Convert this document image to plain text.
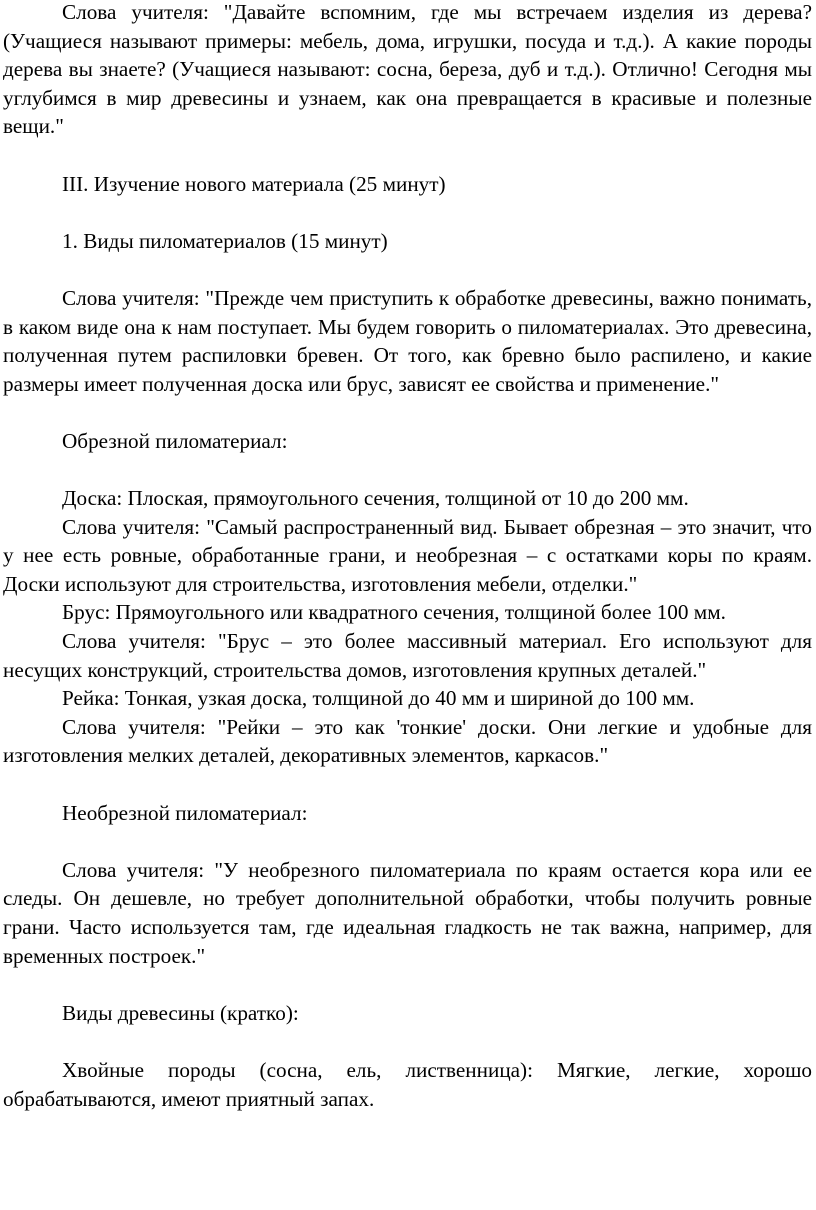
Слова учителя: "Давайте вспомним, где мы встречаем изделия из дерева? (Учащиеся называют примеры: мебель, дома, игрушки, посуда и т.д.). А какие породы дерева вы знаете? (Учащиеся называют: сосна, береза, дуб и т.д.). Отлично! Сегодня мы углубимся в мир древесины и узнаем, как она превращается в красивые и полезные вещи."

III. Изучение нового материала (25 минут)

1. Виды пиломатериалов (15 минут)

Слова учителя: "Прежде чем приступить к обработке древесины, важно понимать, в каком виде она к нам поступает. Мы будем говорить о пиломатериалах. Это древесина, полученная путем распиловки бревен. От того, как бревно было распилено, и какие размеры имеет полученная доска или брус, зависят ее свойства и применение."

Обрезной пиломатериал:

Доска: Плоская, прямоугольного сечения, толщиной от 10 до 200 мм.

Слова учителя: "Самый распространенный вид. Бывает обрезная – это значит, что у нее есть ровные, обработанные грани, и необрезная – с остатками коры по краям. Доски используют для строительства, изготовления мебели, отделки."

Брус: Прямоугольного или квадратного сечения, толщиной более 100 мм.

Слова учителя: "Брус – это более массивный материал. Его используют для несущих конструкций, строительства домов, изготовления крупных деталей."

Рейка: Тонкая, узкая доска, толщиной до 40 мм и шириной до 100 мм.

Слова учителя: "Рейки – это как 'тонкие' доски. Они легкие и удобные для изготовления мелких деталей, декоративных элементов, каркасов."

Необрезной пиломатериал:

Слова учителя: "У необрезного пиломатериала по краям остается кора или ее следы. Он дешевле, но требует дополнительной обработки, чтобы получить ровные грани. Часто используется там, где идеальная гладкость не так важна, например, для временных построек."

Виды древесины (кратко):

Хвойные породы (сосна, ель, лиственница): Мягкие, легкие, хорошо обрабатываются, имеют приятный запах.
